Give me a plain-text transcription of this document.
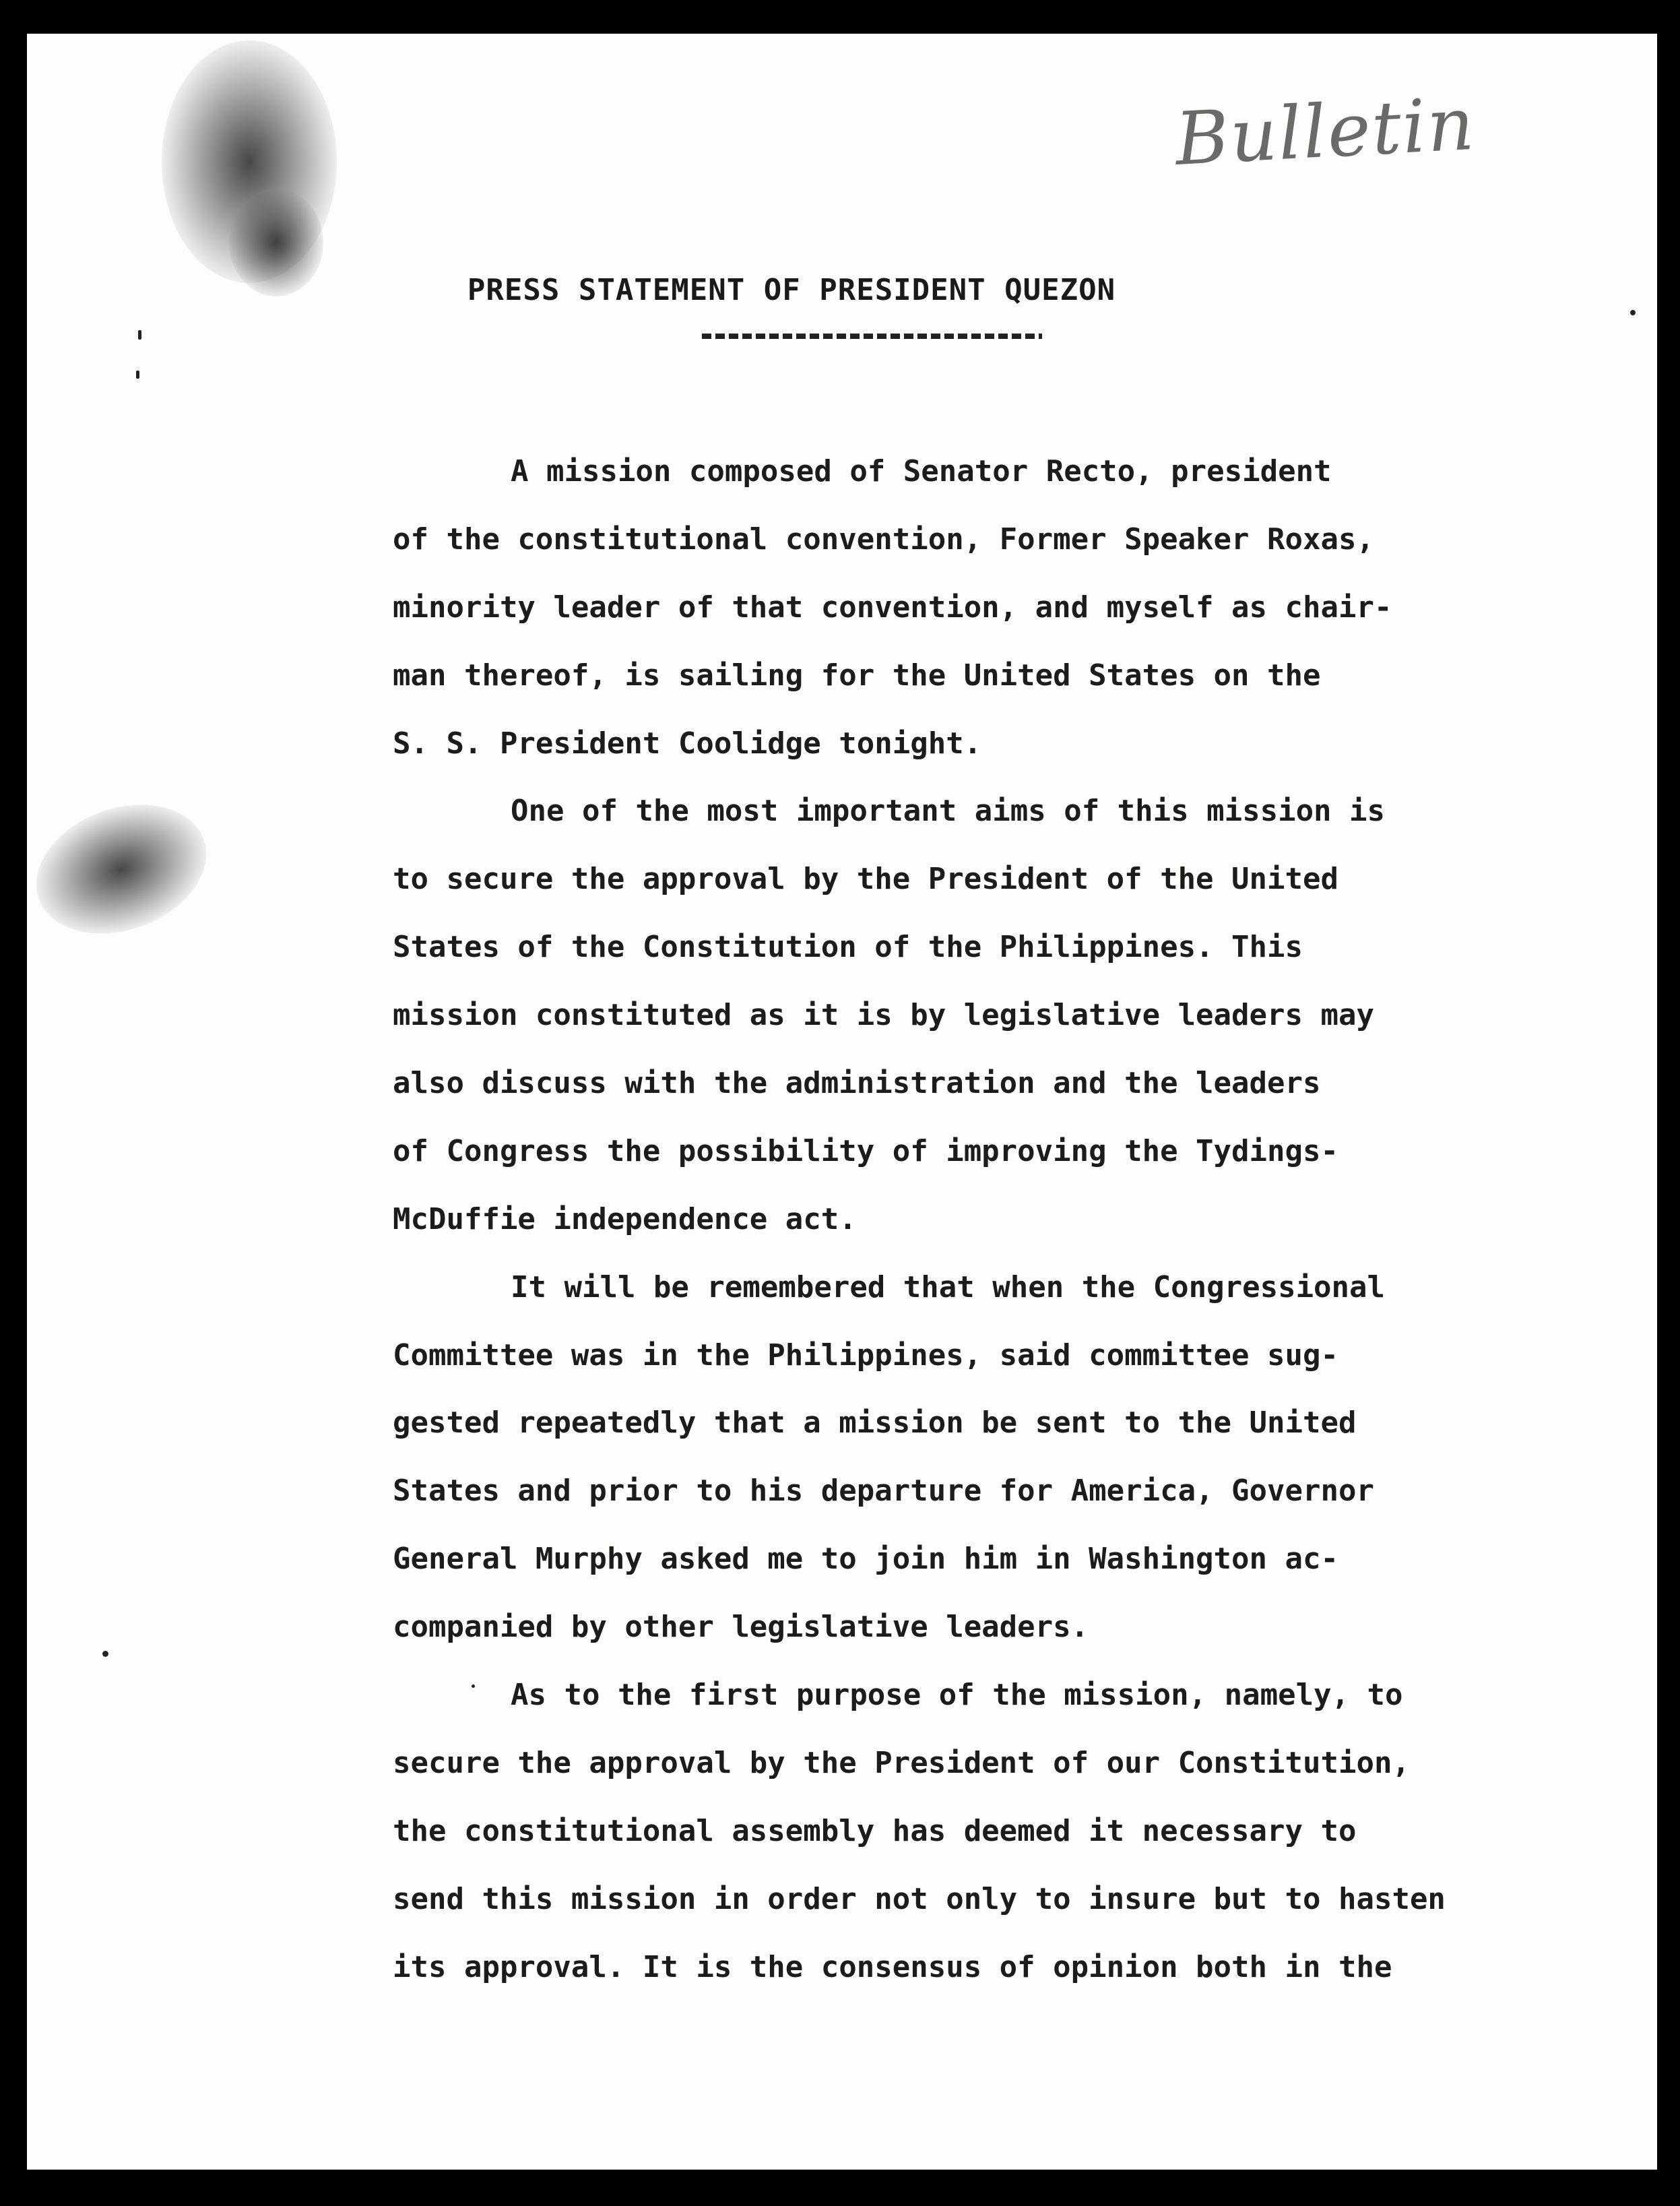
Bulletin
PRESS STATEMENT OF PRESIDENT QUEZON
A mission composed of Senator Recto, president
of the constitutional convention, Former Speaker Roxas,
minority leader of that convention, and myself as chair-
man thereof, is sailing for the United States on the
S. S. President Coolidge tonight.
One of the most important aims of this mission is
to secure the approval by the President of the United
States of the Constitution of the Philippines. This
mission constituted as it is by legislative leaders may
also discuss with the administration and the leaders
of Congress the possibility of improving the Tydings-
McDuffie independence act.
It will be remembered that when the Congressional
Committee was in the Philippines, said committee sug-
gested repeatedly that a mission be sent to the United
States and prior to his departure for America, Governor
General Murphy asked me to join him in Washington ac-
companied by other legislative leaders.
As to the first purpose of the mission, namely, to
secure the approval by the President of our Constitution,
the constitutional assembly has deemed it necessary to
send this mission in order not only to insure but to hasten
its approval. It is the consensus of opinion both in the
